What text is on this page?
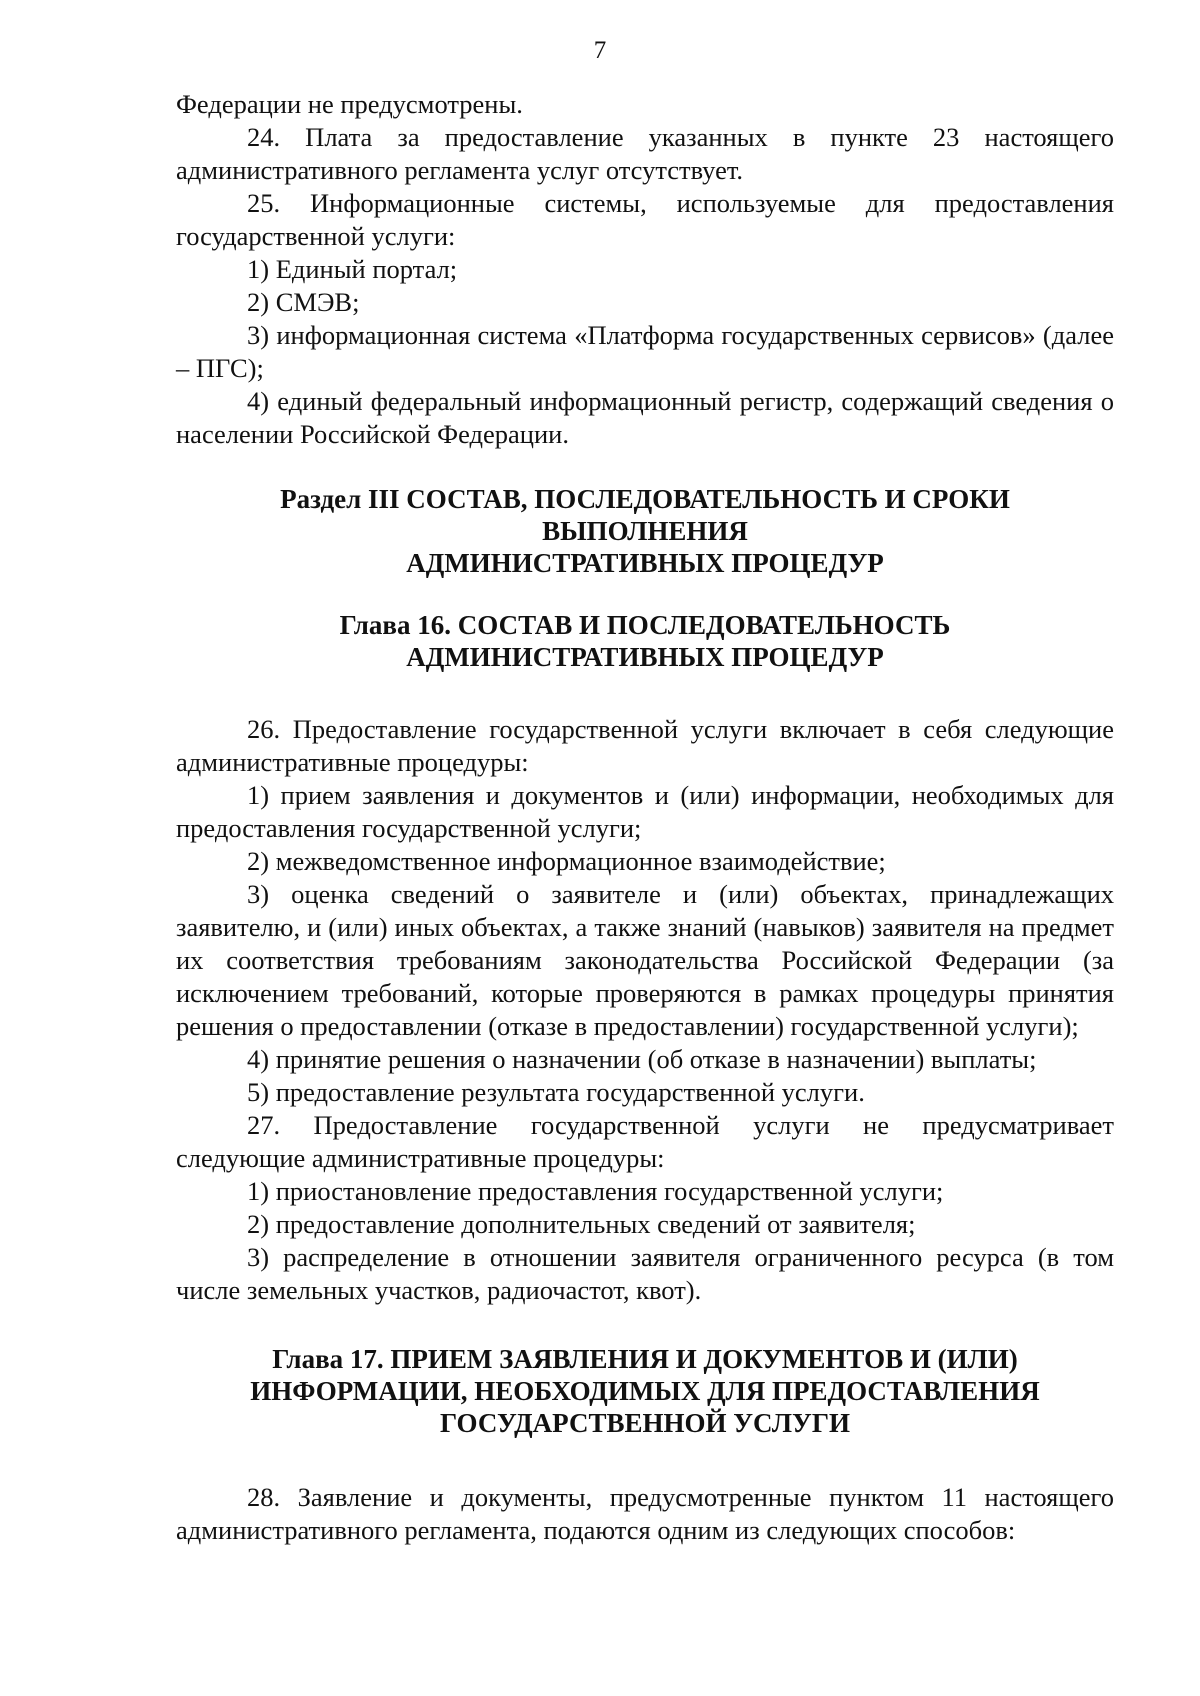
7

Федерации не предусмотрены.

24. Плата за предоставление указанных в пункте 23 настоящего административного регламента услуг отсутствует.

25. Информационные системы, используемые для предоставления государственной услуги:

1) Единый портал;

2) СМЭВ;

3) информационная система «Платформа государственных сервисов» (далее – ПГС);

4) единый федеральный информационный регистр, содержащий сведения о населении Российской Федерации.

Раздел III СОСТАВ, ПОСЛЕДОВАТЕЛЬНОСТЬ И СРОКИ ВЫПОЛНЕНИЯ
АДМИНИСТРАТИВНЫХ ПРОЦЕДУР
Глава 16. СОСТАВ И ПОСЛЕДОВАТЕЛЬНОСТЬ
АДМИНИСТРАТИВНЫХ ПРОЦЕДУР

26. Предоставление государственной услуги включает в себя следующие административные процедуры:

1) прием заявления и документов и (или) информации, необходимых для предоставления государственной услуги;

2) межведомственное информационное взаимодействие;

3) оценка сведений о заявителе и (или) объектах, принадлежащих заявителю, и (или) иных объектах, а также знаний (навыков) заявителя на предмет их соответствия требованиям законодательства Российской Федерации (за исключением требований, которые проверяются в рамках процедуры принятия решения о предоставлении (отказе в предоставлении) государственной услуги);

4) принятие решения о назначении (об отказе в назначении) выплаты;

5) предоставление результата государственной услуги.

27. Предоставление государственной услуги не предусматривает следующие административные процедуры:

1) приостановление предоставления государственной услуги;

2) предоставление дополнительных сведений от заявителя;

3) распределение в отношении заявителя ограниченного ресурса (в том числе земельных участков, радиочастот, квот).

Глава 17. ПРИЕМ ЗАЯВЛЕНИЯ И ДОКУМЕНТОВ И (ИЛИ)
ИНФОРМАЦИИ, НЕОБХОДИМЫХ ДЛЯ ПРЕДОСТАВЛЕНИЯ
ГОСУДАРСТВЕННОЙ УСЛУГИ

28. Заявление и документы, предусмотренные пунктом 11 настоящего административного регламента, подаются одним из следующих способов:
